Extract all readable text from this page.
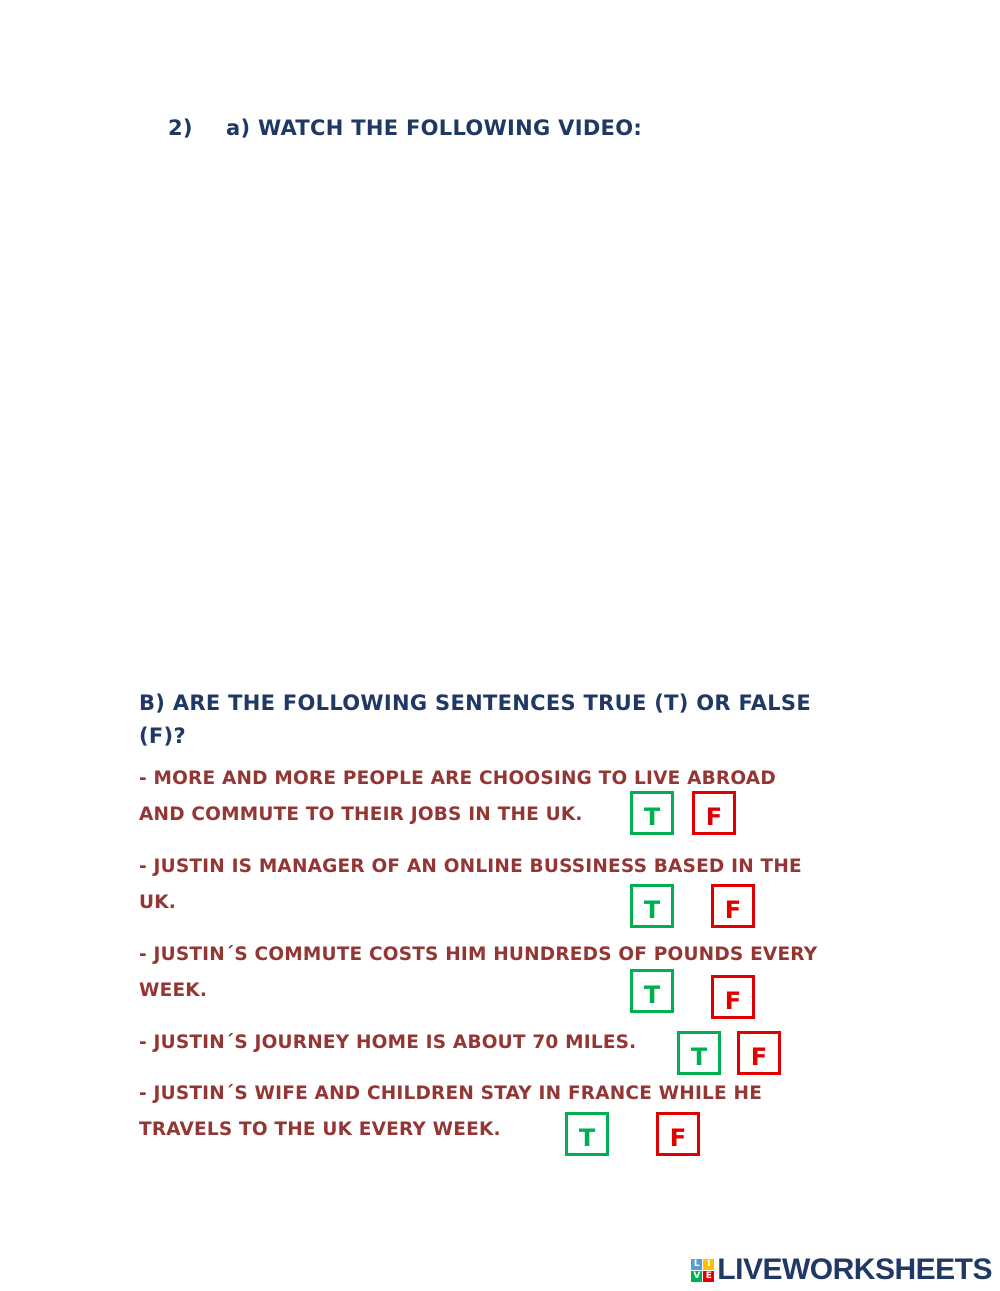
2) a) WATCH THE FOLLOWING VIDEO:
B) ARE THE FOLLOWING SENTENCES TRUE (T) OR FALSE (F)?
- MORE AND MORE PEOPLE ARE CHOOSING TO LIVE ABROAD
AND COMMUTE TO THEIR JOBS IN THE UK.	T	F
- JUSTIN IS MANAGER OF AN ONLINE BUSSINESS BASED IN THE
UK.	T	F
- JUSTIN´S COMMUTE COSTS HIM HUNDREDS OF POUNDS EVERY
WEEK.	T	F
- JUSTIN´S JOURNEY HOME IS ABOUT 70 MILES.
T	F
- JUSTIN´S WIFE AND CHILDREN STAY IN FRANCE WHILE HE
TRAVELS TO THE UK EVERY WEEK.	T	F
L I
V E LIVEWORKSHEETS
